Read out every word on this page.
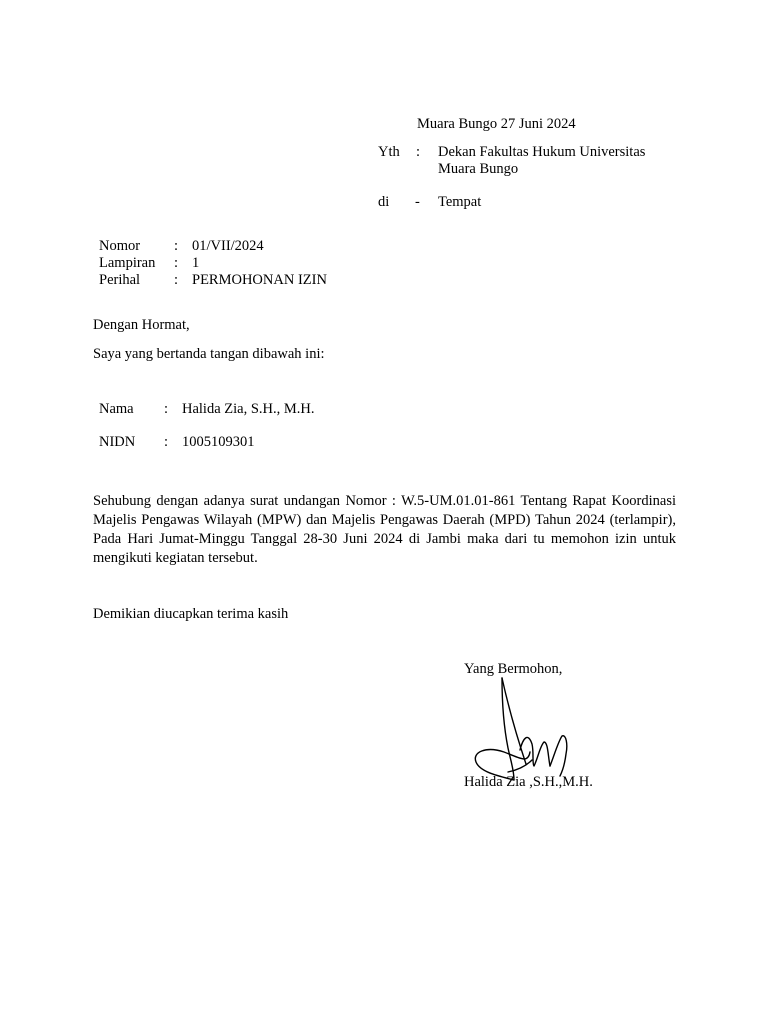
Muara Bungo 27 Juni 2024
Yth : Dekan Fakultas Hukum Universitas
Muara Bungo
di - Tempat
Nomor : 01/VII/2024
Lampiran : 1
Perihal : PERMOHONAN IZIN
Dengan Hormat,
Saya yang bertanda tangan dibawah ini:
Nama : Halida Zia, S.H., M.H.
NIDN : 1005109301
Sehubung dengan adanya surat undangan Nomor : W.5-UM.01.01-861 Tentang Rapat Koordinasi Majelis Pengawas Wilayah (MPW) dan Majelis Pengawas Daerah (MPD) Tahun 2024 (terlampir), Pada Hari Jumat-Minggu Tanggal 28-30 Juni 2024 di Jambi maka dari tu memohon izin untuk mengikuti kegiatan tersebut.
Demikian diucapkan terima kasih
Yang Bermohon,
Halida Zia ,S.H.,M.H.
